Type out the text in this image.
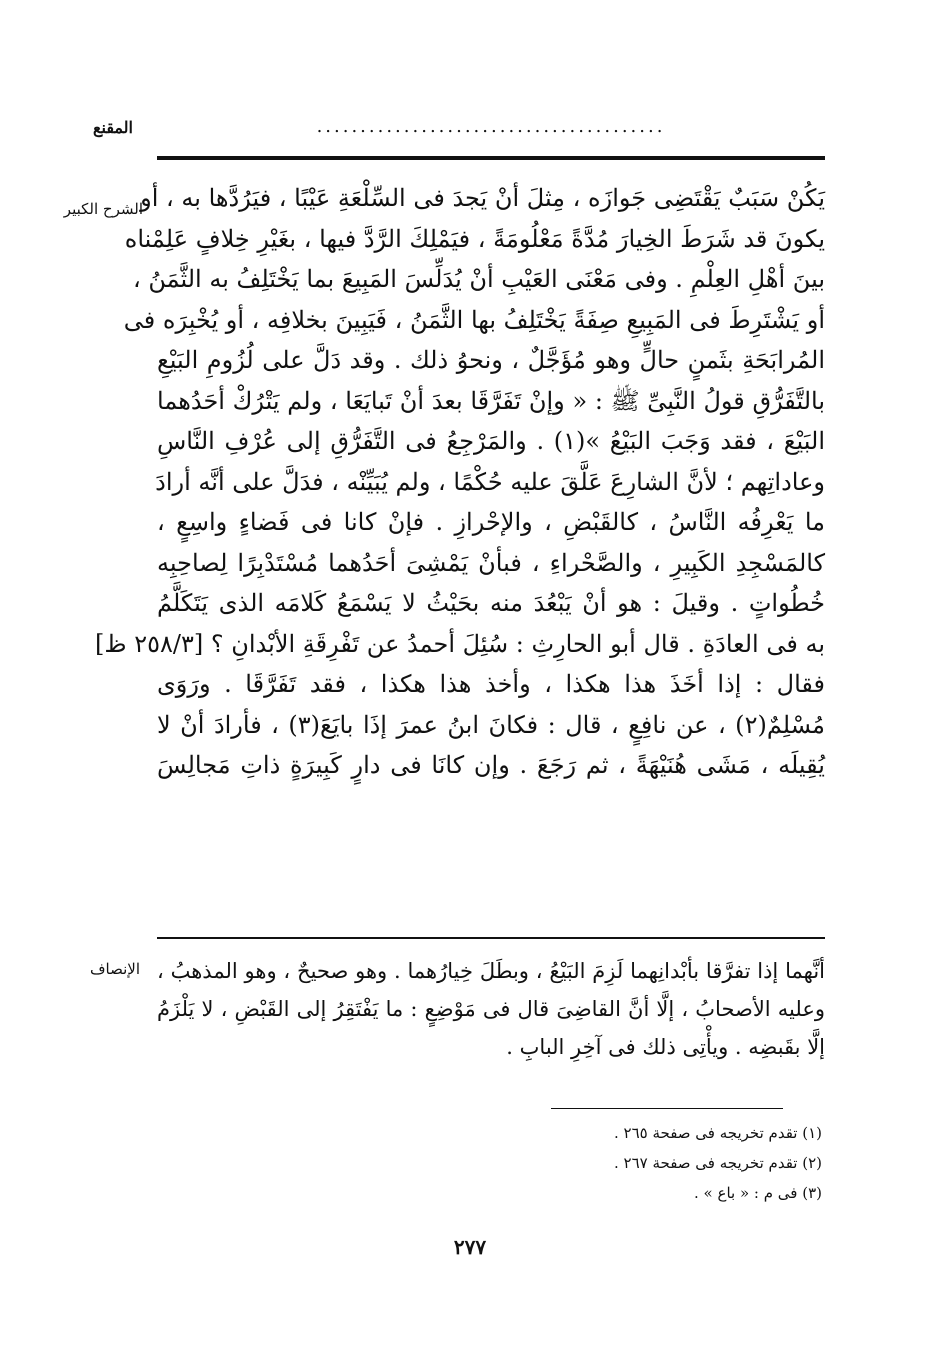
المقنع	........................................
الشرح الكبير
يَكُنْ سَبَبٌ يَقْتَضِى جَوازَه ، مِثلَ أنْ يَجدَ فى السِّلْعَةِ عَيْبًا ، فيَرُدَّها به ، أو
يكونَ قد شَرَطَ الخِيارَ مُدَّةً مَعْلُومَةً ، فيَمْلِكَ الرَّدَّ فيها ، بغَيْرِ خِلافٍ عَلِمْناه
بينَ أهْلِ العِلْمِ . وفى مَعْنَى العَيْبِ أنْ يُدَلِّسَ المَبِيعَ بما يَخْتَلِفُ به الثَّمَنُ ،
أو يَشْتَرِطَ فى المَبِيعِ صِفَةً يَخْتَلِفُ بها الثَّمَنُ ، فَيَبِينَ بخلافِه ، أو يُخْبِرَه فى
المُرابَحَةِ بثَمنٍ حالٍّ وهو مُؤَجَّلٌ ، ونحوُ ذلك . وقد دَلَّ على لُزُومِ البَيْعِ
بالتَّفَرُّقِ قولُ النَّبِىِّ ﷺ : « وإنْ تَفَرَّقَا بعدَ أنْ تَبايَعَا ، ولم يَتْرُكْ أحَدُهما
البَيْعَ ، فقد وَجَبَ البَيْعُ »(١) . والمَرْجِعُ فى التَّفَرُّقِ إلى عُرْفِ النَّاسِ
وعاداتِهم ؛ لأنَّ الشارِعَ عَلَّقَ عليه حُكْمًا ، ولم يُبَيِّنْه ، فدَلَّ على أنَّه أرادَ
ما يَعْرِفُه النَّاسُ ، كالقَبْضِ ، والإحْرازِ . فإنْ كانا فى فَضاءٍ واسِعٍ ،
كالمَسْجِدِ الكَبِيرِ ، والصَّحْراءِ ، فبأنْ يَمْشِىَ أحَدُهما مُسْتَدْبِرًا لِصاحِبِه
خُطُواتٍ . وقيلَ : هو أنْ يَبْعُدَ منه بحَيْثُ لا يَسْمَعُ كَلامَه الذى يَتَكَلَّمُ
به فى العادَةِ . قال أبو الحارِثِ : سُئِلَ أحمدُ عن تَفْرِقَةِ الأبْدانِ ؟ [٢٥٨/٣ ظ]
فقال : إذا أخَذَ هذا هكذا ، وأخذ هذا هكذا ، فقد تَفَرَّقَا . ورَوَى
مُسْلِمٌ(٢) ، عن نافِعٍ ، قال : فكانَ ابنُ عمرَ إذَا بايَعَ(٣) ، فأرادَ أنْ لا
يُقِيلَه ، مَشَى هُنَيْهَةً ، ثم رَجَعَ . وإن كانَا فى دارٍ كَبِيرَةٍ ذاتِ مَجالِسَ
الإنصاف أنَّهما إذا تفرَّقا بأبْدانِهما لَزِمَ البَيْعُ ، وبطَلَ خِيارُهما . وهو صحيحٌ ، وهو المذهبُ ،
وعليه الأصحابُ ، إلَّا أنَّ القاضِىَ قال فى مَوْضِعٍ : ما يَفْتَقِرُ إلى القَبْضِ ، لا يَلْزَمُ
إلَّا بقَبضِه . ويأْتِى ذلك فى آخِرِ البابِ .
(١) تقدم تخريجه فى صفحة ٢٦٥ .
(٢) تقدم تخريجه فى صفحة ٢٦٧ .
(٣) فى م : « باع » .
٢٧٧
